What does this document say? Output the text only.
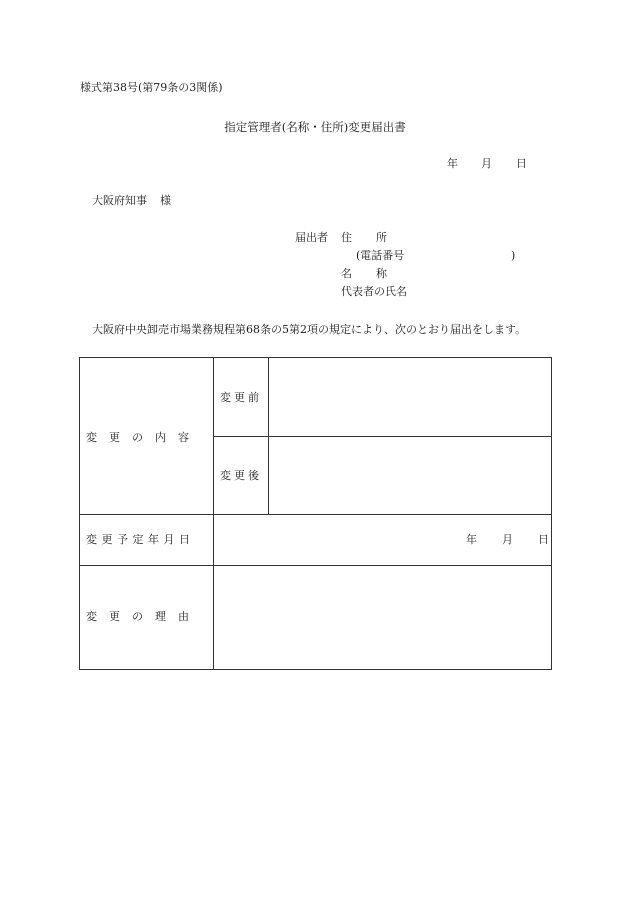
様式第38号(第79条の3関係)
指定管理者(名称・住所)変更届出書
年 月 日
大阪府知事 様
届出者 住 所
(電話番号	)
名 称
代表者の氏名
大阪府中央卸売市場業務規程第68条の5第2項の規定により、次のとおり届出をします。
変更の内容
変更前
変更後
変更予定年月日	年 月 日
変更の理由
